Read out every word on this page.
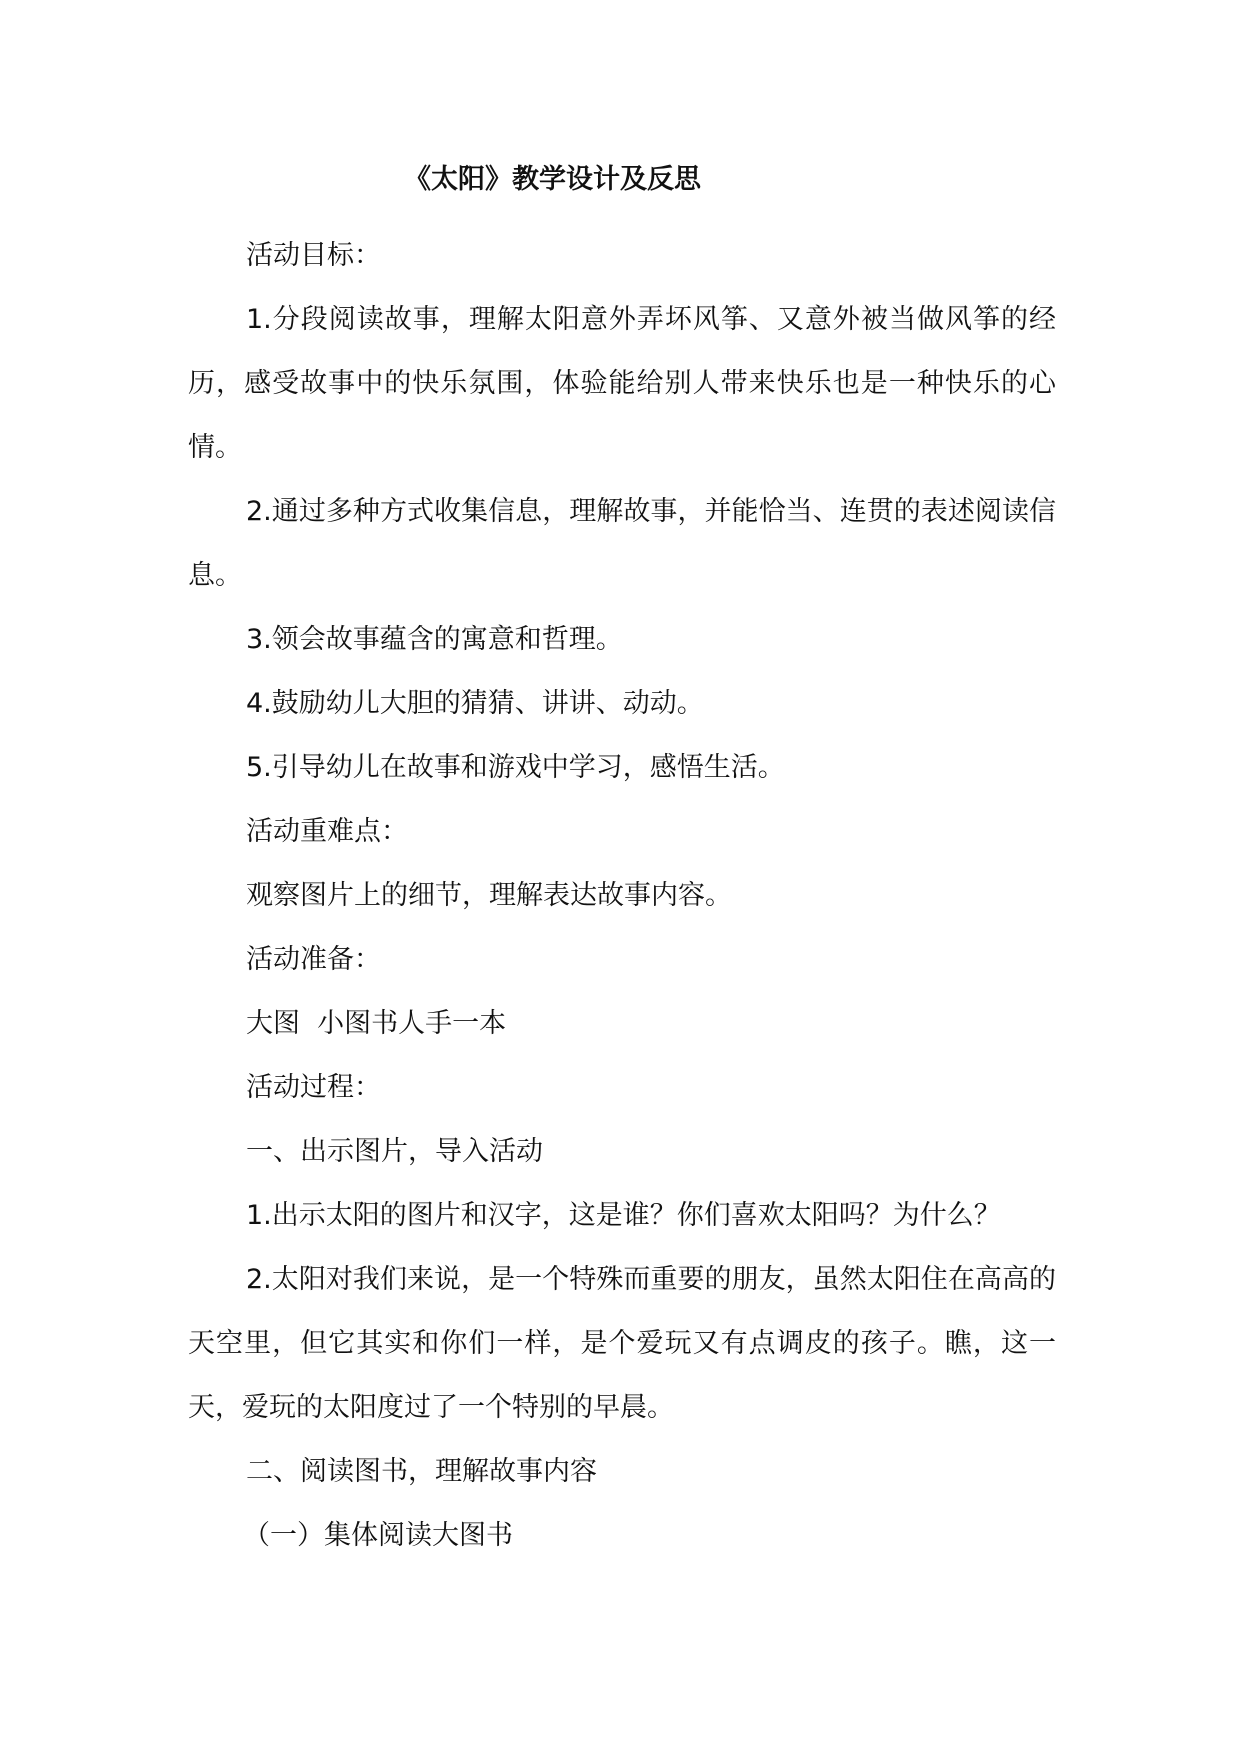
《太阳》教学设计及反思

活动目标：

1.分段阅读故事，理解太阳意外弄坏风筝、又意外被当做风筝的经历，感受故事中的快乐氛围，体验能给别人带来快乐也是一种快乐的心情。

2.通过多种方式收集信息，理解故事，并能恰当、连贯的表述阅读信息。

3.领会故事蕴含的寓意和哲理。

4.鼓励幼儿大胆的猜猜、讲讲、动动。

5.引导幼儿在故事和游戏中学习，感悟生活。

活动重难点：

观察图片上的细节，理解表达故事内容。

活动准备：

大图  小图书人手一本

活动过程：

一、出示图片，导入活动

1.出示太阳的图片和汉字，这是谁？你们喜欢太阳吗？为什么？

2.太阳对我们来说，是一个特殊而重要的朋友，虽然太阳住在高高的天空里，但它其实和你们一样，是个爱玩又有点调皮的孩子。瞧，这一天，爱玩的太阳度过了一个特别的早晨。

二、阅读图书，理解故事内容

（一）集体阅读大图书
